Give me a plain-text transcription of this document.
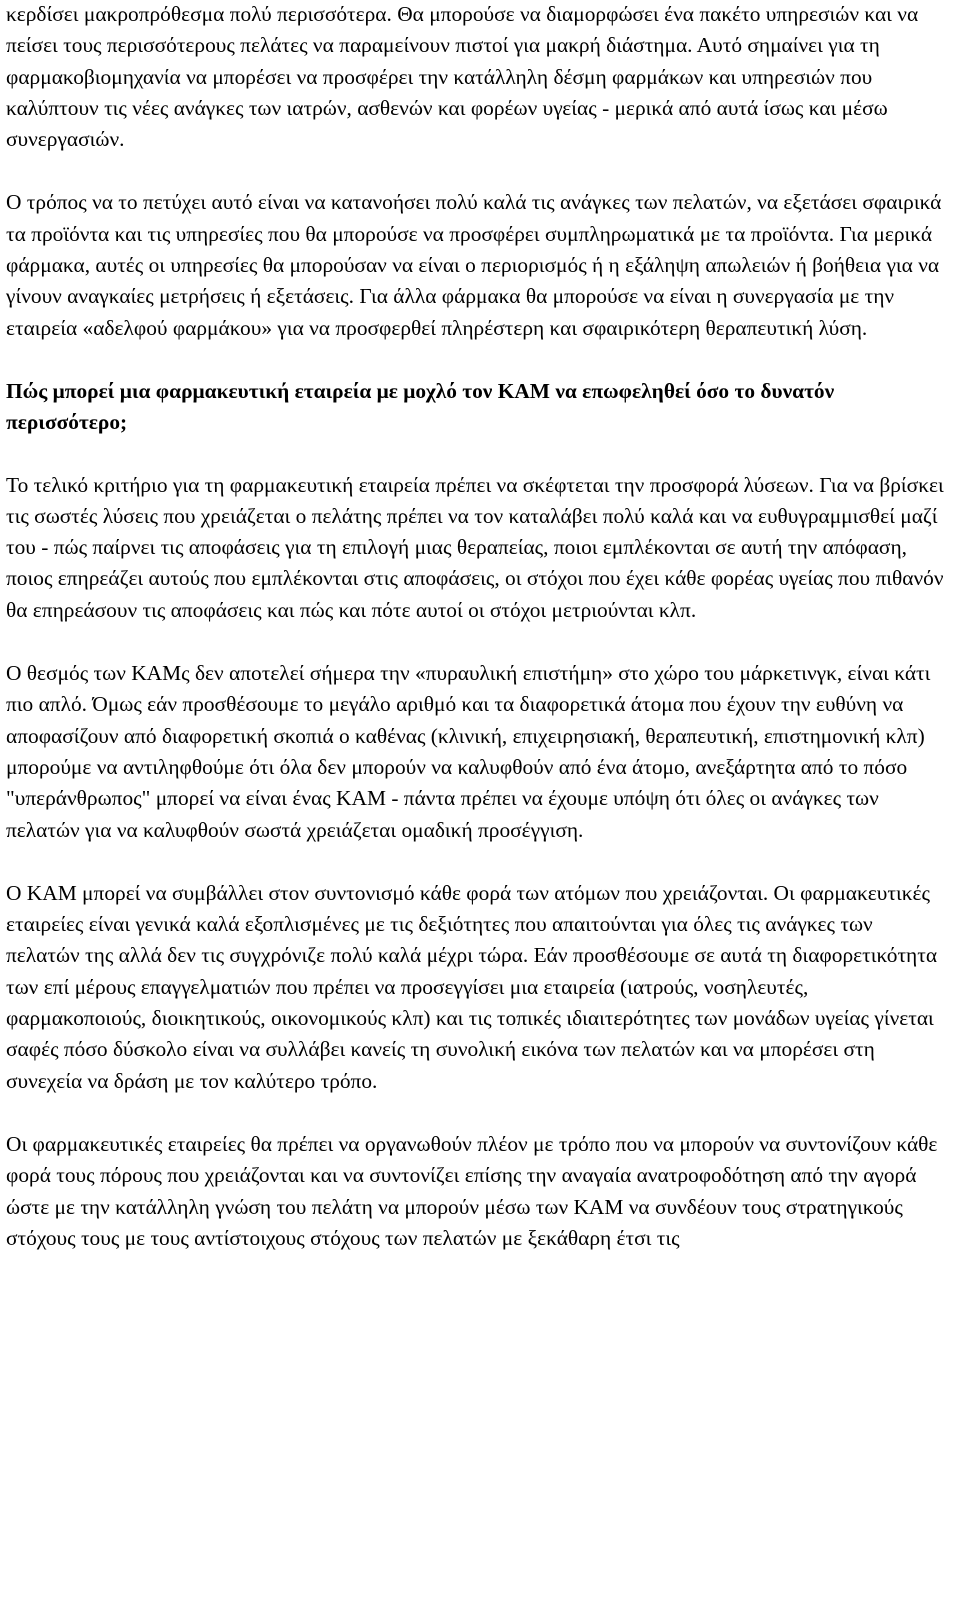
κερδίσει μακροπρόθεσμα πολύ περισσότερα. Θα μπορούσε να διαμορφώσει ένα πακέτο υπηρεσιών και να πείσει τους περισσότερους πελάτες να παραμείνουν πιστοί για μακρή διάστημα. Αυτό σημαίνει για τη φαρμακοβιομηχανία να μπορέσει να προσφέρει την κατάλληλη δέσμη φαρμάκων και υπηρεσιών που καλύπτουν τις νέες ανάγκες των ιατρών, ασθενών και φορέων υγείας - μερικά από αυτά ίσως και μέσω συνεργασιών.

Ο τρόπος να το πετύχει αυτό είναι να κατανοήσει πολύ καλά τις ανάγκες των πελατών, να εξετάσει σφαιρικά τα προϊόντα και τις υπηρεσίες που θα μπορούσε να προσφέρει συμπληρωματικά με τα προϊόντα. Για μερικά φάρμακα, αυτές οι υπηρεσίες θα μπορούσαν να είναι ο περιορισμός ή η εξάληψη απωλειών ή βοήθεια για να γίνουν αναγκαίες μετρήσεις ή εξετάσεις. Για άλλα φάρμακα θα μπορούσε να είναι η συνεργασία με την εταιρεία «αδελφού φαρμάκου» για να προσφερθεί πληρέστερη και σφαιρικότερη θεραπευτική λύση.

Πώς μπορεί μια φαρμακευτική εταιρεία με μοχλό τον KAM να επωφεληθεί όσο το δυνατόν περισσότερο;

Το τελικό κριτήριο για τη φαρμακευτική εταιρεία πρέπει να σκέφτεται την προσφορά λύσεων. Για να βρίσκει τις σωστές λύσεις που χρειάζεται ο πελάτης πρέπει να τον καταλάβει πολύ καλά και να ευθυγραμμισθεί μαζί του - πώς παίρνει τις αποφάσεις για τη επιλογή μιας θεραπείας, ποιοι εμπλέκονται σε αυτή την απόφαση, ποιος επηρεάζει αυτούς που εμπλέκονται στις αποφάσεις, οι στόχοι που έχει κάθε φορέας υγείας που πιθανόν θα επηρεάσουν τις αποφάσεις και πώς και πότε αυτοί οι στόχοι μετριούνται κλπ.

Ο θεσμός των KAMς δεν αποτελεί σήμερα την «πυραυλική επιστήμη» στο χώρο του μάρκετινγκ, είναι κάτι πιο απλό. Όμως εάν προσθέσουμε το μεγάλο αριθμό και τα διαφορετικά άτομα που έχουν την ευθύνη να αποφασίζουν από διαφορετική σκοπιά ο καθένας (κλινική, επιχειρησιακή, θεραπευτική, επιστημονική κλπ) μπορούμε να αντιληφθούμε ότι όλα δεν μπορούν να καλυφθούν από ένα άτομο, ανεξάρτητα από το πόσο "υπεράνθρωπος" μπορεί να είναι ένας KAM - πάντα πρέπει να έχουμε υπόψη ότι όλες οι ανάγκες των πελατών για να καλυφθούν σωστά χρειάζεται ομαδική προσέγγιση.

Ο KAM μπορεί να συμβάλλει στον συντονισμό κάθε φορά των ατόμων που χρειάζονται. Οι φαρμακευτικές εταιρείες είναι γενικά καλά εξοπλισμένες με τις δεξιότητες που απαιτούνται για όλες τις ανάγκες των πελατών της αλλά δεν τις συγχρόνιζε πολύ καλά μέχρι τώρα. Εάν προσθέσουμε σε αυτά τη διαφορετικότητα των επί μέρους επαγγελματιών που πρέπει να προσεγγίσει μια εταιρεία (ιατρούς, νοσηλευτές, φαρμακοποιούς, διοικητικούς, οικονομικούς κλπ) και τις τοπικές ιδιαιτερότητες των μονάδων υγείας γίνεται σαφές πόσο δύσκολο είναι να συλλάβει κανείς τη συνολική εικόνα των πελατών και να μπορέσει στη συνεχεία να δράση με τον καλύτερο τρόπο.

Οι φαρμακευτικές εταιρείες θα πρέπει να οργανωθούν πλέον με τρόπο που να μπορούν να συντονίζουν κάθε φορά τους πόρους που χρειάζονται και να συντονίζει επίσης την αναγαία ανατροφοδότηση από την αγορά ώστε με την κατάλληλη γνώση του πελάτη να μπορούν μέσω των KAM να συνδέουν τους στρατηγικούς στόχους τους με τους αντίστοιχους στόχους των πελατών με ξεκάθαρη έτσι τις
